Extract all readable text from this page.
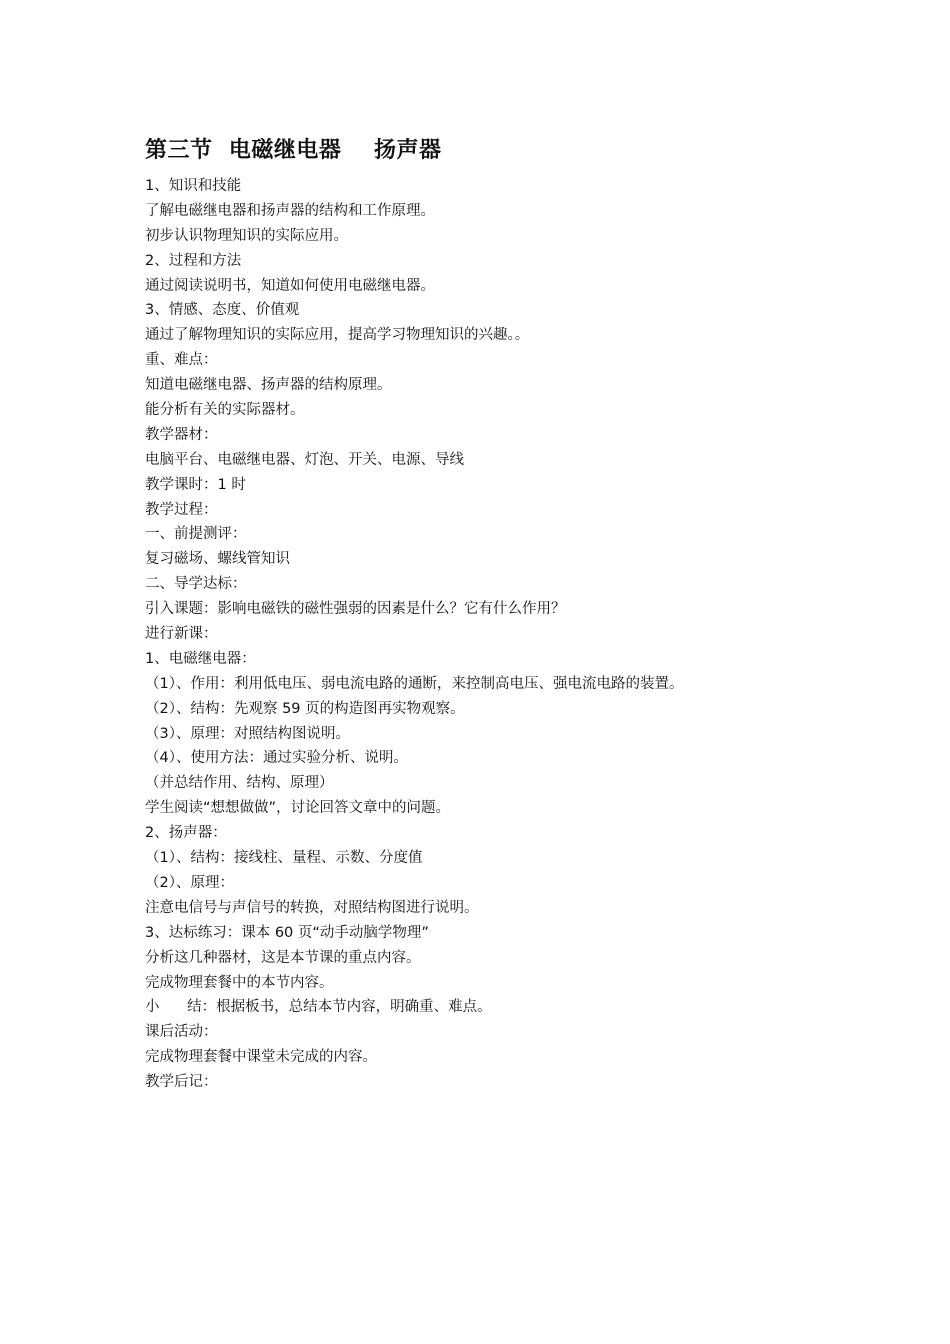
第三节  电磁继电器    扬声器
1、知识和技能
了解电磁继电器和扬声器的结构和工作原理。
初步认识物理知识的实际应用。
2、过程和方法
通过阅读说明书，知道如何使用电磁继电器。
3、情感、态度、价值观
通过了解物理知识的实际应用，提高学习物理知识的兴趣。。
重、难点：
知道电磁继电器、扬声器的结构原理。
能分析有关的实际器材。
教学器材：
电脑平台、电磁继电器、灯泡、开关、电源、导线
教学课时：1 时
教学过程：
一、前提测评：
复习磁场、螺线管知识
二、导学达标：
引入课题：影响电磁铁的磁性强弱的因素是什么？它有什么作用？
进行新课：
1、电磁继电器：
（1）、作用：利用低电压、弱电流电路的通断，来控制高电压、强电流电路的装置。
（2）、结构：先观察 59 页的构造图再实物观察。
（3）、原理：对照结构图说明。
（4）、使用方法：通过实验分析、说明。
（并总结作用、结构、原理）
学生阅读“想想做做”，讨论回答文章中的问题。
2、扬声器：
（1）、结构：接线柱、量程、示数、分度值
（2）、原理：
注意电信号与声信号的转换，对照结构图进行说明。
3、达标练习：课本 60 页“动手动脑学物理”
分析这几种器材，这是本节课的重点内容。
完成物理套餐中的本节内容。
小      结：根据板书，总结本节内容，明确重、难点。
课后活动：
完成物理套餐中课堂未完成的内容。
教学后记：
